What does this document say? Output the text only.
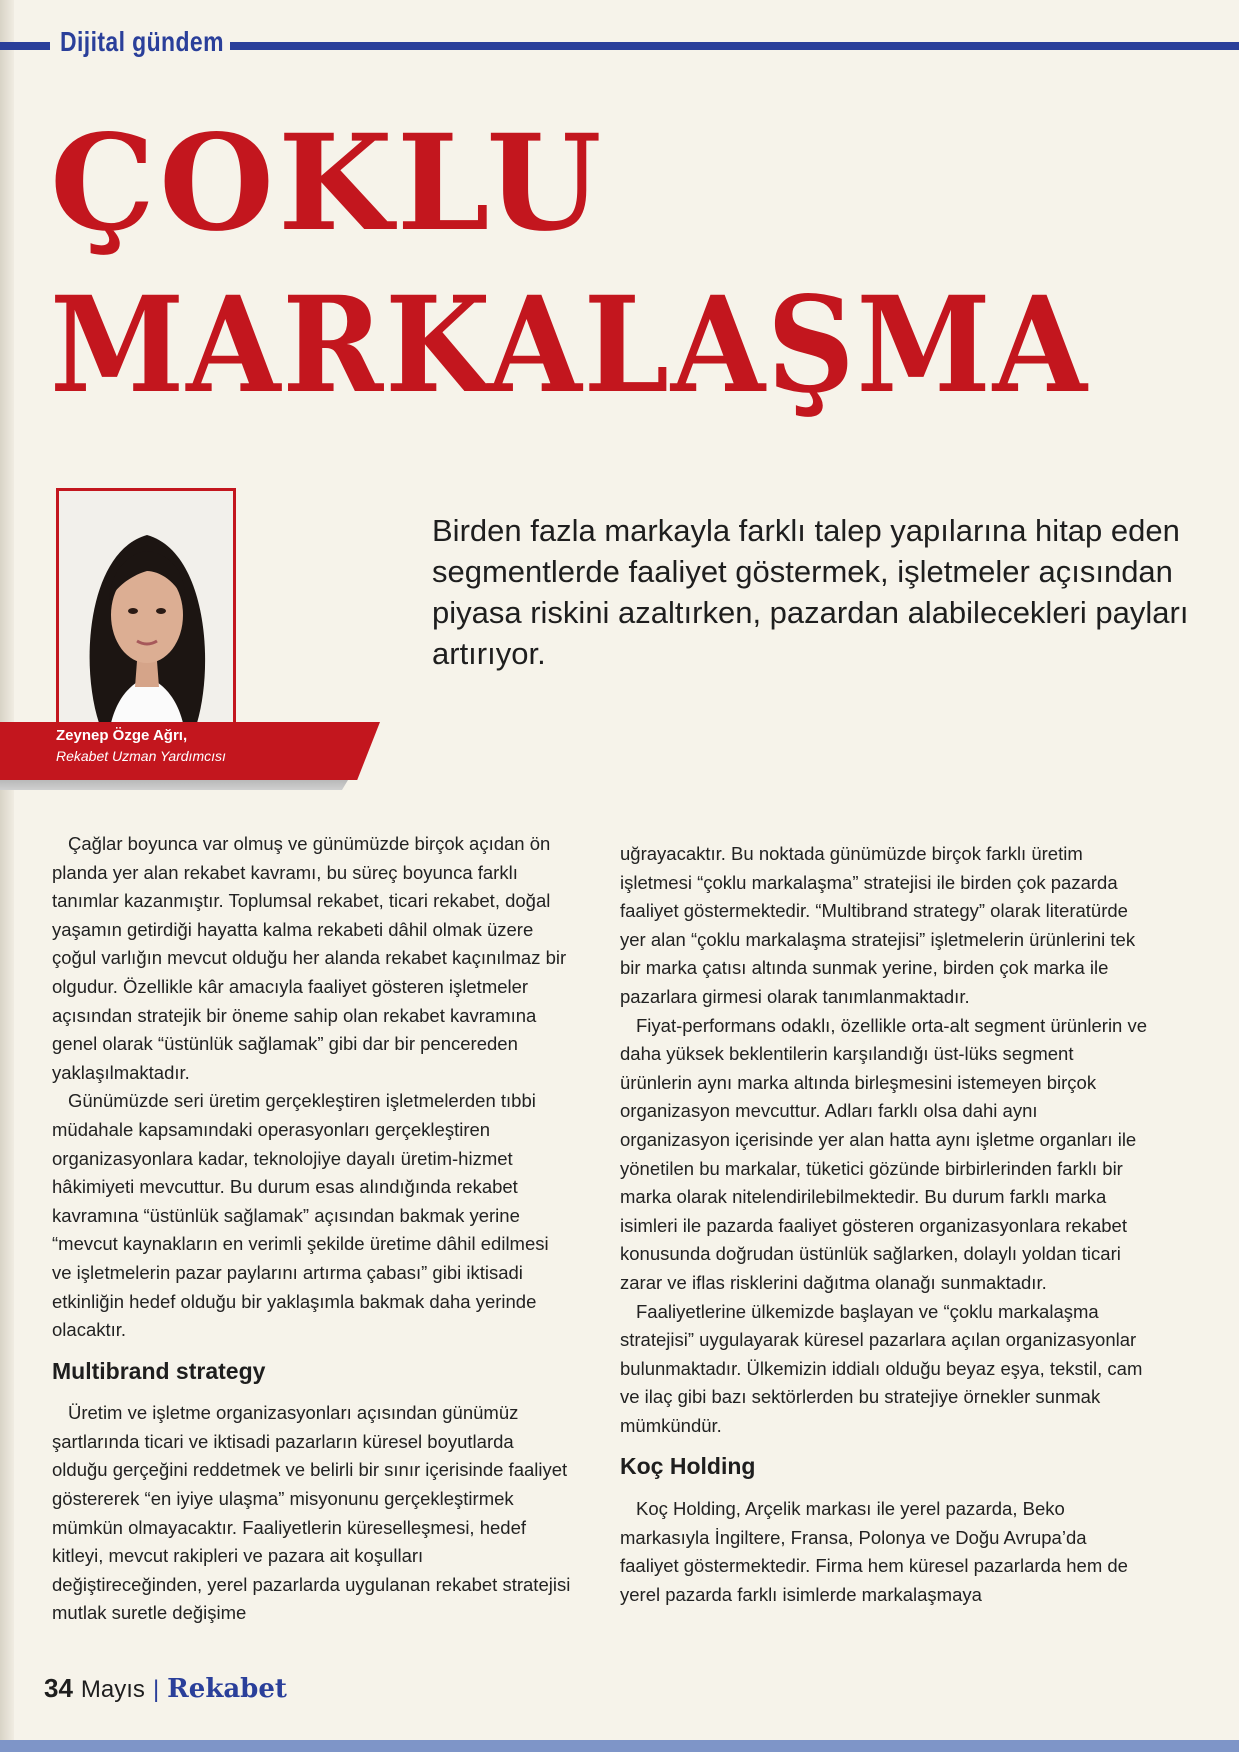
Dijital gündem
ÇOKLU
MARKALAŞMA
Zeynep Özge Ağrı,
Rekabet Uzman Yardımcısı
Birden fazla markayla farklı talep yapılarına hitap eden segmentlerde faaliyet göstermek, işletmeler açısından piyasa riskini azaltırken, pazardan alabilecekleri payları artırıyor.

Çağlar boyunca var olmuş ve günümüzde birçok açıdan ön planda yer alan rekabet kavramı, bu süreç boyunca farklı tanımlar kazanmıştır. Toplumsal rekabet, ticari rekabet, doğal yaşamın getirdiği hayatta kalma rekabeti dâhil olmak üzere çoğul varlığın mevcut olduğu her alanda rekabet kaçınılmaz bir olgudur. Özellikle kâr amacıyla faaliyet gösteren işletmeler açısından stratejik bir öneme sahip olan rekabet kavramına genel olarak “üstünlük sağlamak” gibi dar bir pencereden yaklaşılmaktadır.

Günümüzde seri üretim gerçekleştiren işletmelerden tıbbi müdahale kapsamındaki operasyonları gerçekleştiren organizasyonlara kadar, teknolojiye dayalı üretim-hizmet hâkimiyeti mevcuttur. Bu durum esas alındığında rekabet kavramına “üstünlük sağlamak” açısından bakmak yerine “mevcut kaynakların en verimli şekilde üretime dâhil edilmesi ve işletmelerin pazar paylarını artırma çabası” gibi iktisadi etkinliğin hedef olduğu bir yaklaşımla bakmak daha yerinde olacaktır.

Multibrand strategy

Üretim ve işletme organizasyonları açısından günümüz şartlarında ticari ve iktisadi pazarların küresel boyutlarda olduğu gerçeğini reddetmek ve belirli bir sınır içerisinde faaliyet göstererek “en iyiye ulaşma” misyonunu gerçekleştirmek mümkün olmayacaktır. Faaliyetlerin küreselleşmesi, hedef kitleyi, mevcut rakipleri ve pazara ait koşulları değiştireceğinden, yerel pazarlarda uygulanan rekabet stratejisi mutlak suretle değişime

uğrayacaktır. Bu noktada günümüzde birçok farklı üretim işletmesi “çoklu markalaşma” stratejisi ile birden çok pazarda faaliyet göstermektedir. “Multibrand strategy” olarak literatürde yer alan “çoklu markalaşma stratejisi” işletmelerin ürünlerini tek bir marka çatısı altında sunmak yerine, birden çok marka ile pazarlara girmesi olarak tanımlanmaktadır.

Fiyat-performans odaklı, özellikle orta-alt segment ürünlerin ve daha yüksek beklentilerin karşılandığı üst-lüks segment ürünlerin aynı marka altında birleşmesini istemeyen birçok organizasyon mevcuttur. Adları farklı olsa dahi aynı organizasyon içerisinde yer alan hatta aynı işletme organları ile yönetilen bu markalar, tüketici gözünde birbirlerinden farklı bir marka olarak nitelendirilebilmektedir. Bu durum farklı marka isimleri ile pazarda faaliyet gösteren organizasyonlara rekabet konusunda doğrudan üstünlük sağlarken, dolaylı yoldan ticari zarar ve iflas risklerini dağıtma olanağı sunmaktadır.

Faaliyetlerine ülkemizde başlayan ve “çoklu markalaşma stratejisi” uygulayarak küresel pazarlara açılan organizasyonlar bulunmaktadır. Ülkemizin iddialı olduğu beyaz eşya, tekstil, cam ve ilaç gibi bazı sektörlerden bu stratejiye örnekler sunmak mümkündür.

Koç Holding

Koç Holding, Arçelik markası ile yerel pazarda, Beko markasıyla İngiltere, Fransa, Polonya ve Doğu Avrupa’da faaliyet göstermektedir. Firma hem küresel pazarlarda hem de yerel pazarda farklı isimlerde markalaşmaya

34 Mayıs | Rekabet
